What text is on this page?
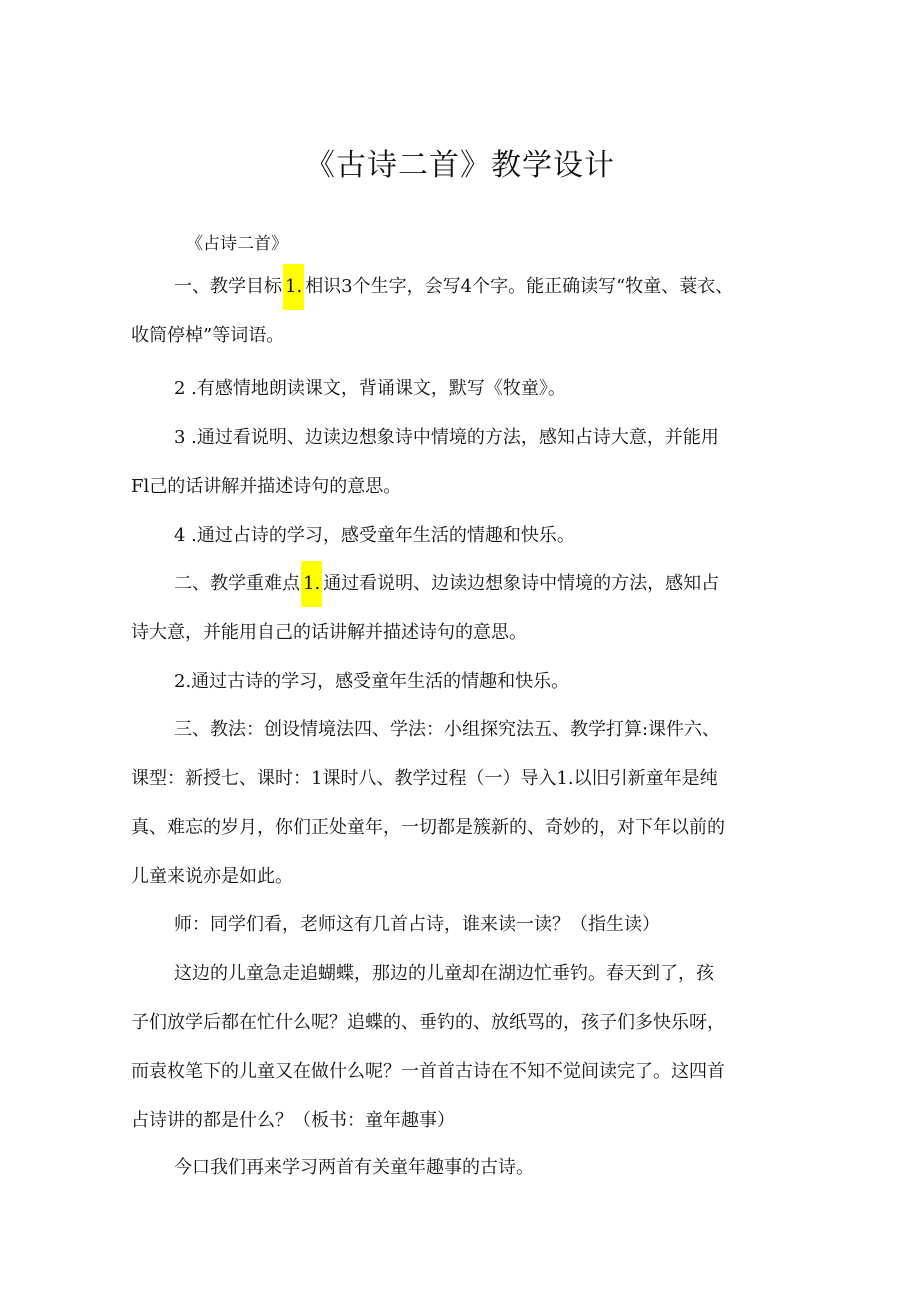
《古诗二首》教学设计
《占诗二首》
一、教学目标 1. 相识3个生字，会写4个字。能正确读写“牧童、蓑衣、
收筒停棹”等词语。
2 .有感情地朗读课文，背诵课文，默写《牧童》。
3 .通过看说明、边读边想象诗中情境的方法，感知占诗大意，并能用
Fl己的话讲解并描述诗句的意思。
4 .通过占诗的学习，感受童年生活的情趣和快乐。
二、教学重难点 1. 通过看说明、边读边想象诗中情境的方法，感知占
诗大意，并能用自己的话讲解并描述诗句的意思。
2.通过古诗的学习，感受童年生活的情趣和快乐。
三、教法：创设情境法四、学法：小组探究法五、教学打算:课件六、
课型：新授七、课时：1课时八、教学过程（一）导入1.以旧引新童年是纯
真、难忘的岁月，你们正处童年，一切都是簇新的、奇妙的，对下年以前的
儿童来说亦是如此。
师：同学们看，老师这有几首占诗，谁来读一读？（指生读）
这边的儿童急走追蝴蝶，那边的儿童却在湖边忙垂钓。春天到了，孩
子们放学后都在忙什么呢？追蝶的、垂钓的、放纸骂的，孩子们多快乐呀，
而袁枚笔下的儿童又在做什么呢？一首首古诗在不知不觉间读完了。这四首
占诗讲的都是什么？（板书：童年趣事）
今口我们再来学习两首有关童年趣事的古诗。
